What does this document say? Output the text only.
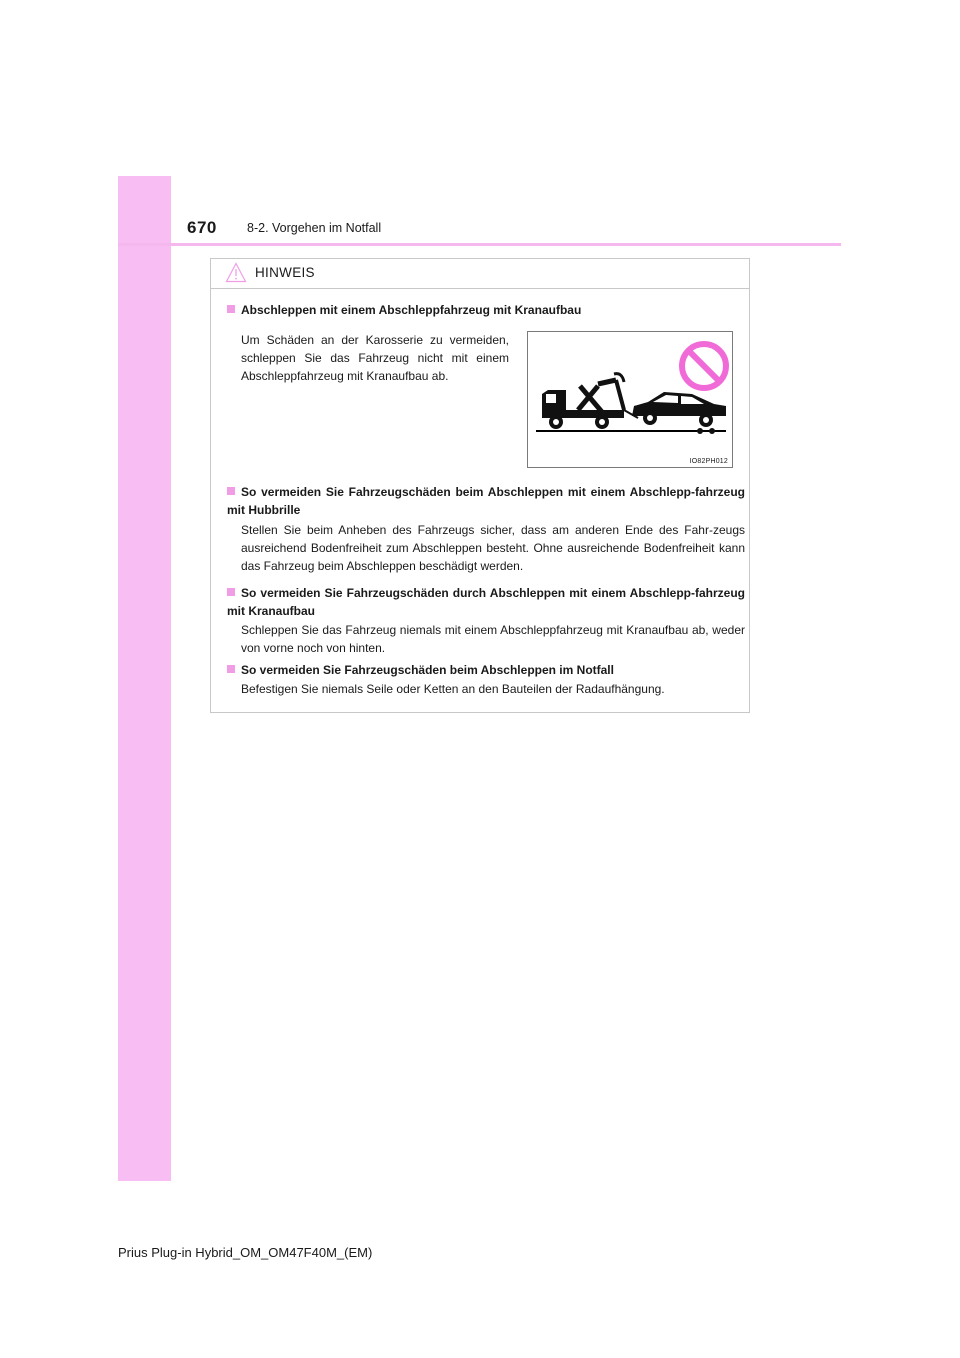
670 8-2. Vorgehen im Notfall
HINWEIS
Abschleppen mit einem Abschleppfahrzeug mit Kranaufbau
Um Schäden an der Karosserie zu vermeiden, schleppen Sie das Fahrzeug nicht mit einem Abschleppfahrzeug mit Kranaufbau ab.
IO82PH012
So vermeiden Sie Fahrzeugschäden beim Abschleppen mit einem Abschlepp-fahrzeug mit Hubbrille
Stellen Sie beim Anheben des Fahrzeugs sicher, dass am anderen Ende des Fahr-zeugs ausreichend Bodenfreiheit zum Abschleppen besteht. Ohne ausreichende Bodenfreiheit kann das Fahrzeug beim Abschleppen beschädigt werden.
So vermeiden Sie Fahrzeugschäden durch Abschleppen mit einem Abschlepp-fahrzeug mit Kranaufbau
Schleppen Sie das Fahrzeug niemals mit einem Abschleppfahrzeug mit Kranaufbau ab, weder von vorne noch von hinten.
So vermeiden Sie Fahrzeugschäden beim Abschleppen im Notfall
Befestigen Sie niemals Seile oder Ketten an den Bauteilen der Radaufhängung.
Prius Plug-in Hybrid_OM_OM47F40M_(EM)
